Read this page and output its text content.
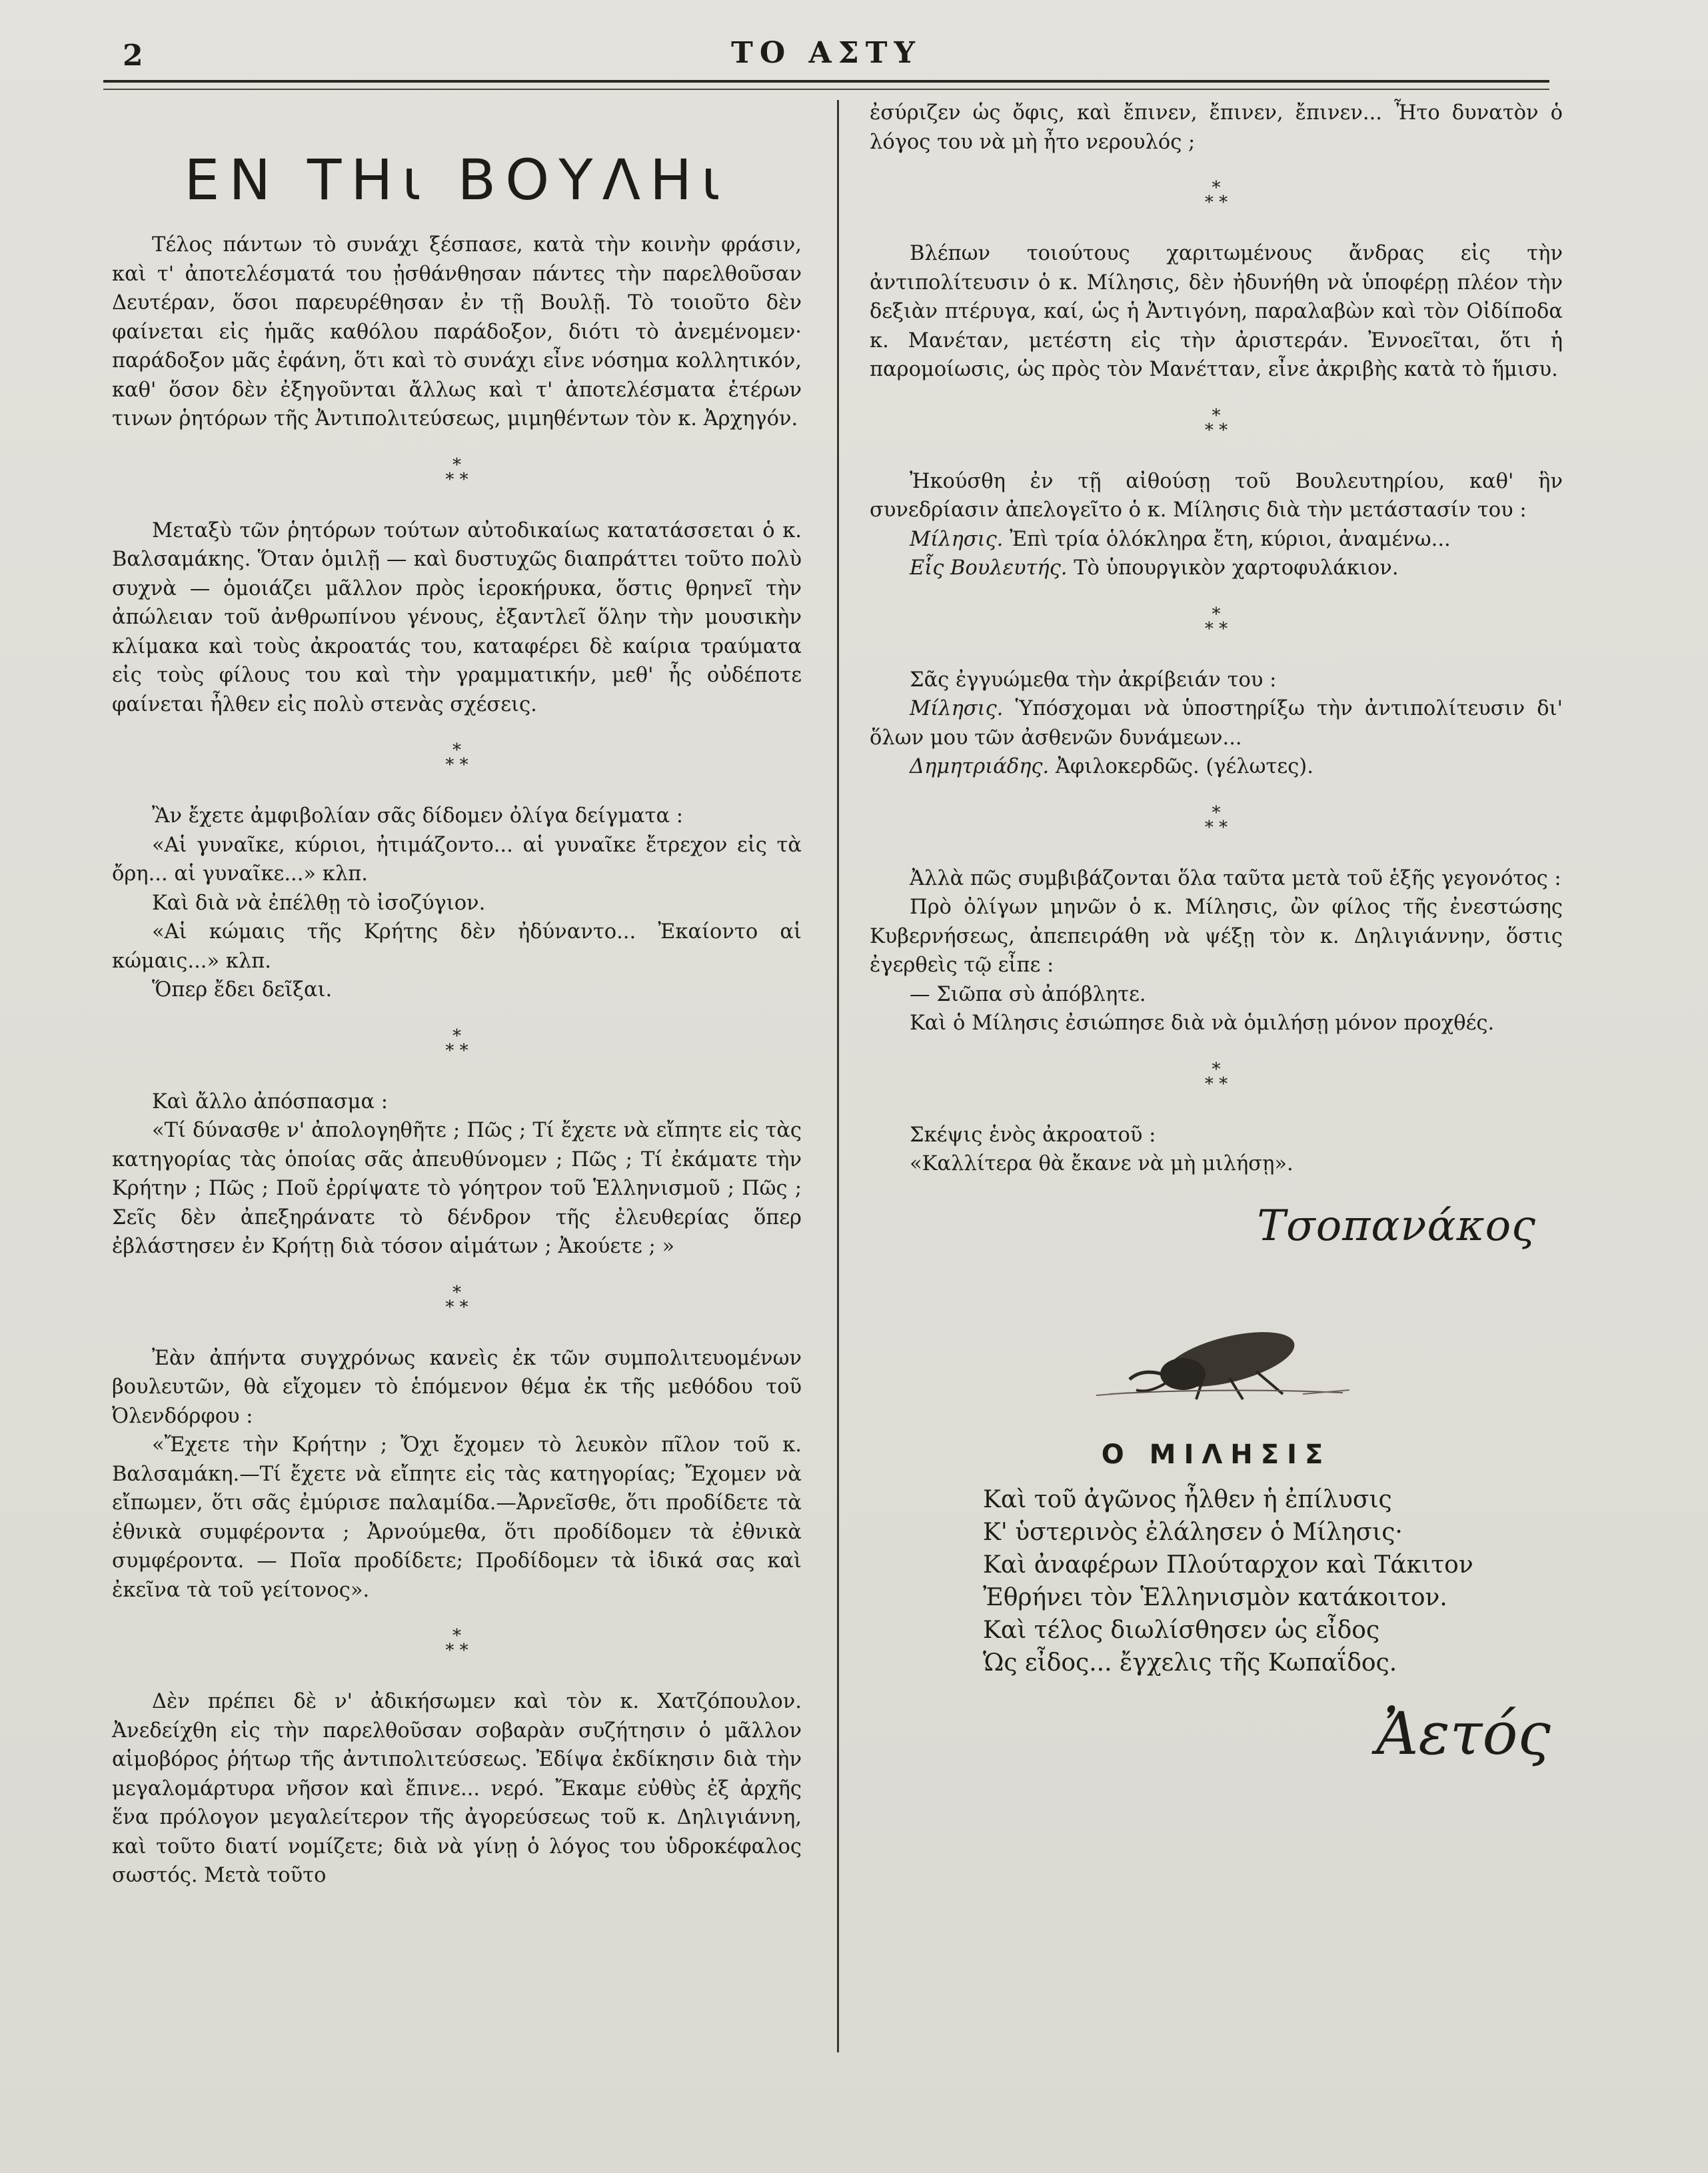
2	ΤΟ ΑΣΤΥ
ΕΝ ΤΗι ΒΟΥΛΗι

Τέλος πάντων τὸ συνάχι ξέσπασε, κατὰ τὴν κοινὴν φράσιν, καὶ τ' ἀποτελέσματά του ᾐσθάνθησαν πάντες τὴν παρελθοῦσαν Δευτέραν, ὅσοι παρευρέθησαν ἐν τῇ Βουλῇ. Τὸ τοιοῦτο δὲν φαίνεται εἰς ἡμᾶς καθόλου παράδοξον, διότι τὸ ἀνεμένομεν· παράδοξον μᾶς ἐφάνη, ὅτι καὶ τὸ συνάχι εἶνε νόσημα κολλητικόν, καθ' ὅσον δὲν ἐξηγοῦνται ἄλλως καὶ τ' ἀποτελέσματα ἑτέρων τινων ῥητόρων τῆς Ἀντιπολιτεύσεως, μιμηθέντων τὸν κ. Ἀρχηγόν.

*
* *

Μεταξὺ τῶν ῥητόρων τούτων αὐτοδικαίως κατατάσσεται ὁ κ. Βαλσαμάκης. Ὅταν ὁμιλῇ — καὶ δυστυχῶς διαπράττει τοῦτο πολὺ συχνὰ — ὁμοιάζει μᾶλλον πρὸς ἱεροκήρυκα, ὅστις θρηνεῖ τὴν ἀπώλειαν τοῦ ἀνθρωπίνου γένους, ἐξαντλεῖ ὅλην τὴν μουσικὴν κλίμακα καὶ τοὺς ἀκροατάς του, καταφέρει δὲ καίρια τραύματα εἰς τοὺς φίλους του καὶ τὴν γραμματικήν, μεθ' ἧς οὐδέποτε φαίνεται ἦλθεν εἰς πολὺ στενὰς σχέσεις.

*
* *

Ἂν ἔχετε ἀμφιβολίαν σᾶς δίδομεν ὀλίγα δείγματα :

«Αἱ γυναῖκε, κύριοι, ἠτιμάζοντο... αἱ γυναῖκε ἔτρεχον εἰς τὰ ὄρη... αἱ γυναῖκε...» κλπ.

Καὶ διὰ νὰ ἐπέλθῃ τὸ ἰσοζύγιον.

«Αἱ κώμαις τῆς Κρήτης δὲν ἠδύναντο... Ἐκαίοντο αἱ κώμαις...» κλπ.

Ὅπερ ἔδει δεῖξαι.

*
* *

Καὶ ἄλλο ἀπόσπασμα :

«Τί δύνασθε ν' ἀπολογηθῆτε ; Πῶς ; Τί ἔχετε νὰ εἴπητε εἰς τὰς κατηγορίας τὰς ὁποίας σᾶς ἀπευθύνομεν ; Πῶς ; Τί ἐκάματε τὴν Κρήτην ; Πῶς ; Ποῦ ἐρρίψατε τὸ γόητρον τοῦ Ἑλληνισμοῦ ; Πῶς ; Σεῖς δὲν ἀπεξηράνατε τὸ δένδρον τῆς ἐλευθερίας ὅπερ ἐβλάστησεν ἐν Κρήτῃ διὰ τόσον αἱμάτων ; Ἀκούετε ; »

*
* *

Ἐὰν ἀπήντα συγχρόνως κανεὶς ἐκ τῶν συμπολιτευομένων βουλευτῶν, θὰ εἴχομεν τὸ ἑπόμενον θέμα ἐκ τῆς μεθόδου τοῦ Ὀλενδόρφου :

«Ἔχετε τὴν Κρήτην ; Ὄχι ἔχομεν τὸ λευκὸν πῖλον τοῦ κ. Βαλσαμάκη.—Τί ἔχετε νὰ εἴπητε εἰς τὰς κατηγορίας; Ἔχομεν νὰ εἴπωμεν, ὅτι σᾶς ἐμύρισε παλαμίδα.—Ἀρνεῖσθε, ὅτι προδίδετε τὰ ἐθνικὰ συμφέροντα ; Ἀρνούμεθα, ὅτι προδίδομεν τὰ ἐθνικὰ συμφέροντα. — Ποῖα προδίδετε; Προδίδομεν τὰ ἰδικά σας καὶ ἐκεῖνα τὰ τοῦ γείτονος».

*
* *

Δὲν πρέπει δὲ ν' ἀδικήσωμεν καὶ τὸν κ. Χατζόπουλον. Ἀνεδείχθη εἰς τὴν παρελθοῦσαν σοβαρὰν συζήτησιν ὁ μᾶλλον αἱμοβόρος ῥήτωρ τῆς ἀντιπολιτεύσεως. Ἐδίψα ἐκδίκησιν διὰ τὴν μεγαλομάρτυρα νῆσον καὶ ἔπινε... νερό. Ἔκαμε εὐθὺς ἐξ ἀρχῆς ἕνα πρόλογον μεγαλείτερον τῆς ἀγορεύσεως τοῦ κ. Δηλιγιάννη, καὶ τοῦτο διατί νομίζετε; διὰ νὰ γίνῃ ὁ λόγος του ὑδροκέφαλος σωστός. Μετὰ τοῦτο

ἐσύριζεν ὡς ὄφις, καὶ ἔπινεν, ἔπινεν, ἔπινεν... Ἦτο δυνατὸν ὁ λόγος του νὰ μὴ ἦτο νερουλός ;

*
* *

Βλέπων τοιούτους χαριτωμένους ἄνδρας εἰς τὴν ἀντιπολίτευσιν ὁ κ. Μίλησις, δὲν ἠδυνήθη νὰ ὑποφέρῃ πλέον τὴν δεξιὰν πτέρυγα, καί, ὡς ἡ Ἀντιγόνη, παραλαβὼν καὶ τὸν Οἰδίποδα κ. Μανέταν, μετέστη εἰς τὴν ἀριστεράν. Ἐννοεῖται, ὅτι ἡ παρομοίωσις, ὡς πρὸς τὸν Μανέτταν, εἶνε ἀκριβὴς κατὰ τὸ ἥμισυ.

*
* *

Ἠκούσθη ἐν τῇ αἰθούσῃ τοῦ Βουλευτηρίου, καθ' ἣν συνεδρίασιν ἀπελογεῖτο ὁ κ. Μίλησις διὰ τὴν μετάστασίν του :

Μίλησις. Ἐπὶ τρία ὁλόκληρα ἔτη, κύριοι, ἀναμένω...

Εἷς Βουλευτής. Τὸ ὑπουργικὸν χαρτοφυλάκιον.

*
* *

Σᾶς ἐγγυώμεθα τὴν ἀκρίβειάν του :

Μίλησις. Ὑπόσχομαι νὰ ὑποστηρίξω τὴν ἀντιπολίτευσιν δι' ὅλων μου τῶν ἀσθενῶν δυνάμεων...

Δημητριάδης. Ἀφιλοκερδῶς. (γέλωτες).

*
* *

Ἀλλὰ πῶς συμβιβάζονται ὅλα ταῦτα μετὰ τοῦ ἑξῆς γεγονότος :

Πρὸ ὀλίγων μηνῶν ὁ κ. Μίλησις, ὢν φίλος τῆς ἐνεστώσης Κυβερνήσεως, ἀπεπειράθη νὰ ψέξῃ τὸν κ. Δηλιγιάννην, ὅστις ἐγερθεὶς τῷ εἶπε :

— Σιῶπα σὺ ἀπόβλητε.

Καὶ ὁ Μίλησις ἐσιώπησε διὰ νὰ ὁμιλήσῃ μόνον προχθές.

*
* *

Σκέψις ἑνὸς ἀκροατοῦ :

«Καλλίτερα θὰ ἔκανε νὰ μὴ μιλήσῃ».

Τσοπανάκος
Ο ΜΙΛΗΣΙΣ
Καὶ τοῦ ἀγῶνος ἦλθεν ἡ ἐπίλυσις
Κ' ὑστερινὸς ἐλάλησεν ὁ Μίλησις·
Καὶ ἀναφέρων Πλούταρχον καὶ Τάκιτον
Ἐθρήνει τὸν Ἑλληνισμὸν κατάκοιτον.
Καὶ τέλος διωλίσθησεν ὡς εἶδος
Ὡς εἶδος... ἔγχελις τῆς Κωπαΐδος.
Ἀετός
